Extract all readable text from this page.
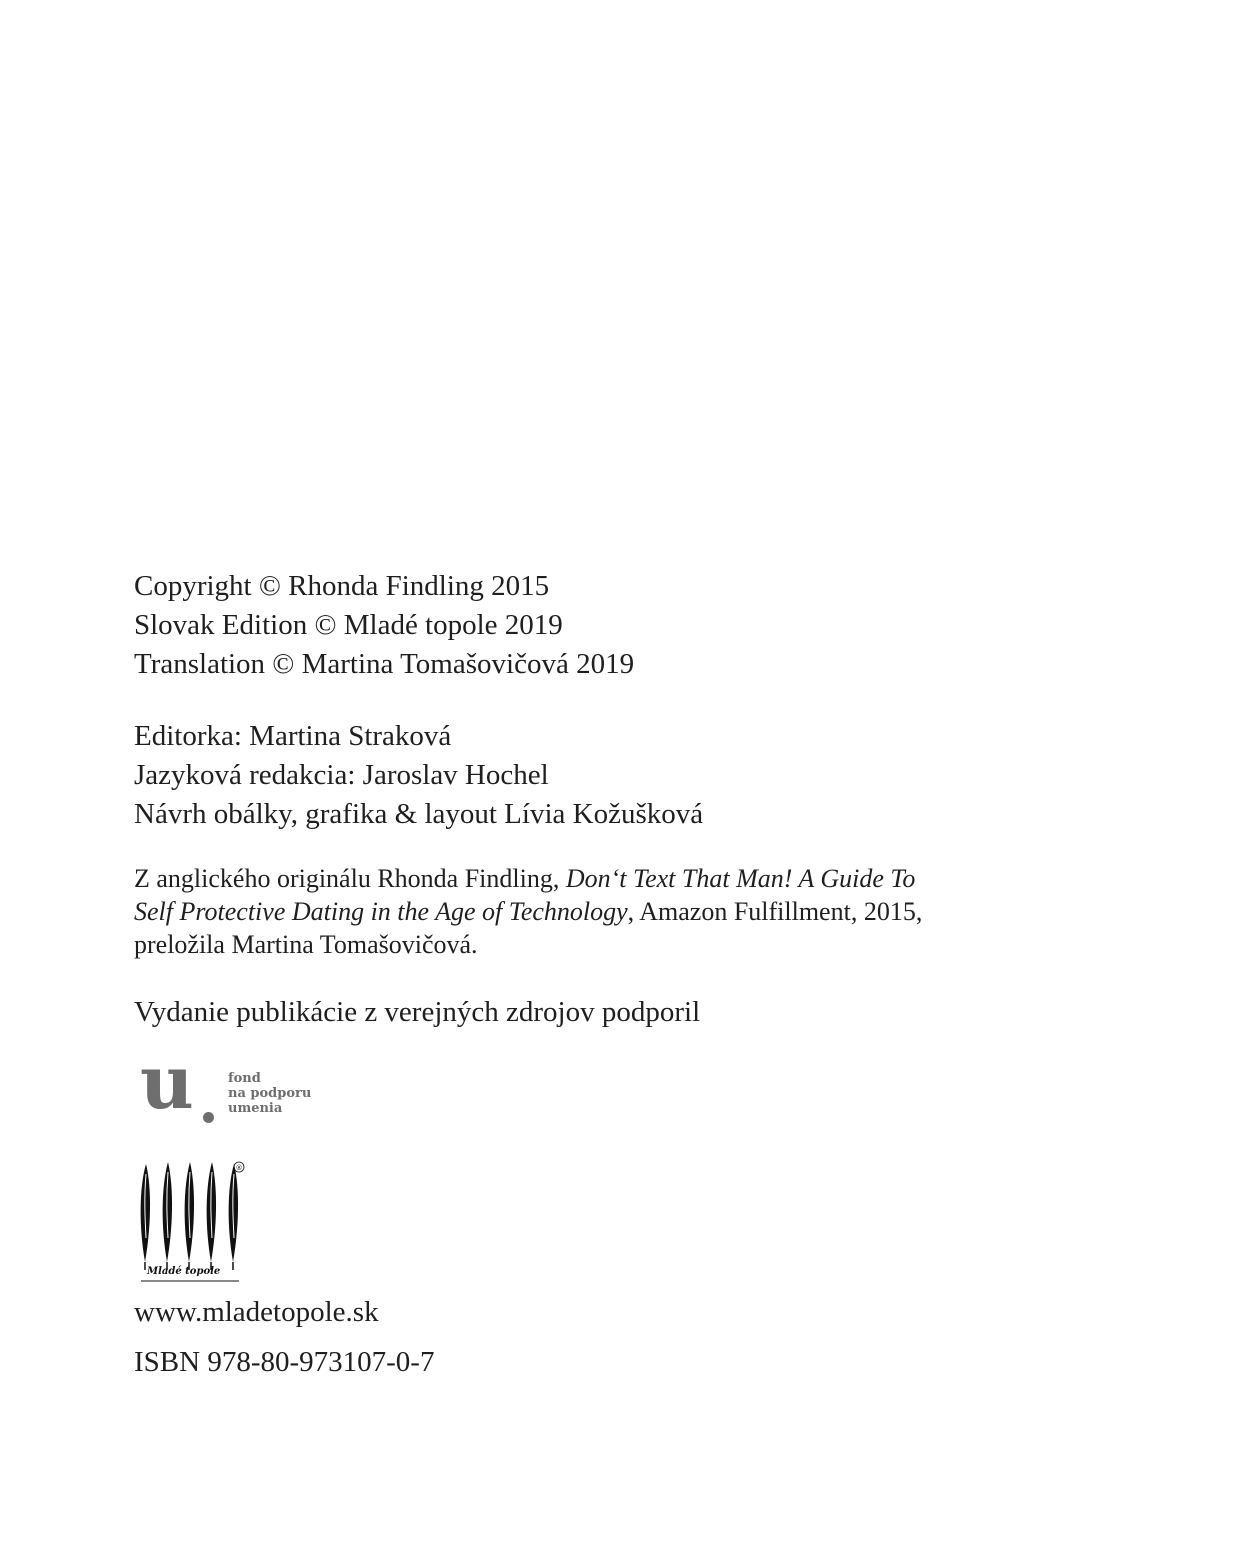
Copyright © Rhonda Findling 2015
Slovak Edition © Mladé topole 2019
Translation © Martina Tomašovičová 2019
Editorka: Martina Straková
Jazyková redakcia: Jaroslav Hochel
Návrh obálky, grafika & layout Lívia Kožušková
Z anglického originálu Rhonda Findling, Don‘t Text That Man! A Guide To
Self Protective Dating in the Age of Technology, Amazon Fulfillment, 2015,
preložila Martina Tomašovičová.
Vydanie publikácie z verejných zdrojov podporil
u	fond
na podporu
umenia
®
Mladé topole
www.mladetopole.sk
ISBN 978-80-973107-0-7
